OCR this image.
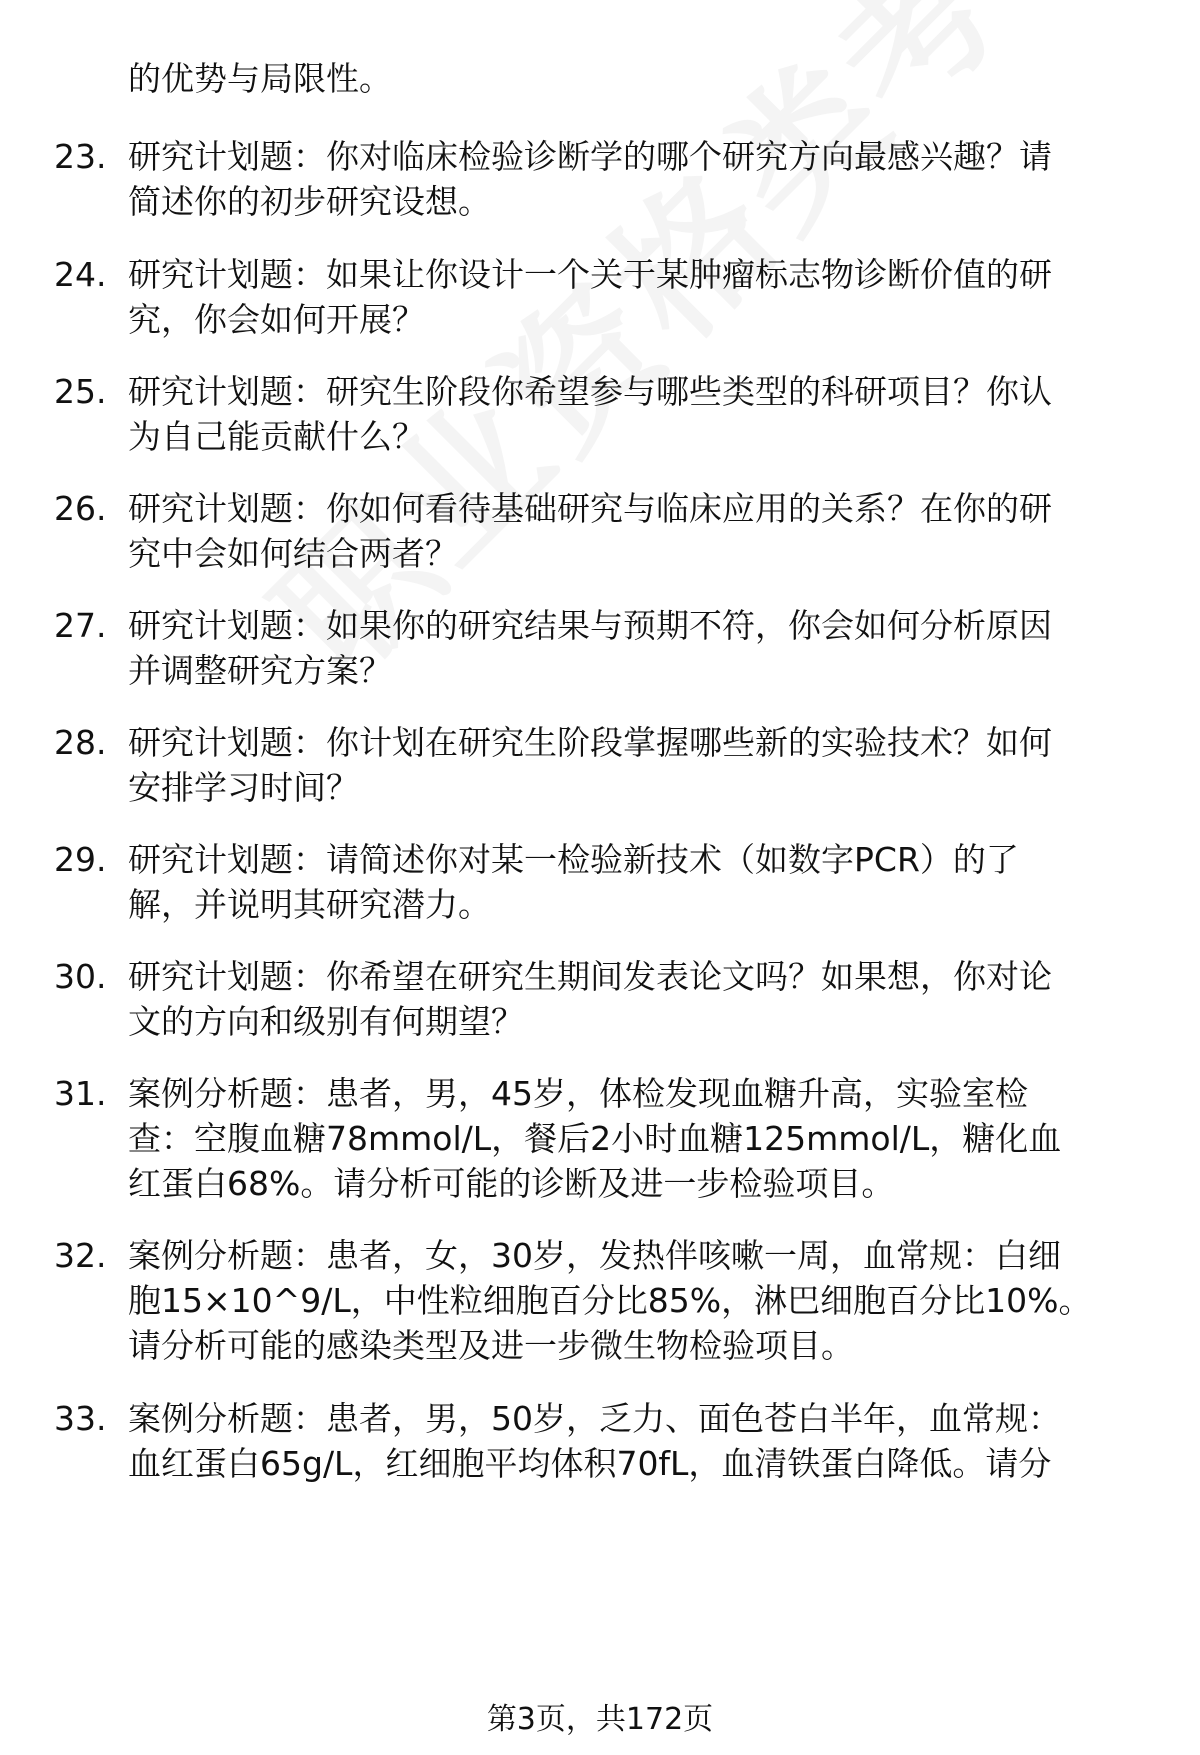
的优势与局限性。
23. 研究计划题：你对临床检验诊断学的哪个研究方向最感兴趣？请
简述你的初步研究设想。
24. 研究计划题：如果让你设计一个关于某肿瘤标志物诊断价值的研
究，你会如何开展？
25. 研究计划题：研究生阶段你希望参与哪些类型的科研项目？你认
为自己能贡献什么？
26. 研究计划题：你如何看待基础研究与临床应用的关系？在你的研
究中会如何结合两者？
27. 研究计划题：如果你的研究结果与预期不符，你会如何分析原因
并调整研究方案？
28. 研究计划题：你计划在研究生阶段掌握哪些新的实验技术？如何
安排学习时间？
29. 研究计划题：请简述你对某一检验新技术（如数字PCR）的了
解，并说明其研究潜力。
30. 研究计划题：你希望在研究生期间发表论文吗？如果想，你对论
文的方向和级别有何期望？
31. 案例分析题：患者，男，45岁，体检发现血糖升高，实验室检
查：空腹血糖78mmol/L，餐后2小时血糖125mmol/L，糖化血
红蛋白68%。请分析可能的诊断及进一步检验项目。
32. 案例分析题：患者，女，30岁，发热伴咳嗽一周，血常规：白细
胞15×10^9/L，中性粒细胞百分比85%，淋巴细胞百分比10%。
请分析可能的感染类型及进一步微生物检验项目。
33. 案例分析题：患者，男，50岁，乏力、面色苍白半年，血常规：
血红蛋白65g/L，红细胞平均体积70fL，血清铁蛋白降低。请分
第3页，共172页
